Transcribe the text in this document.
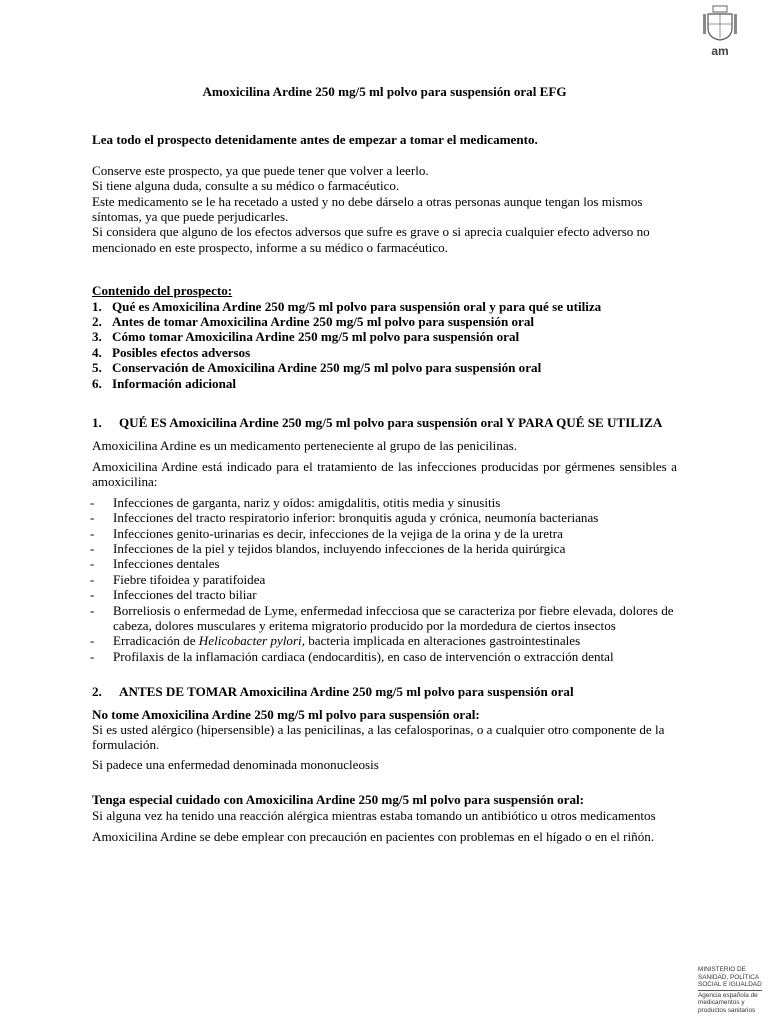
am
MINISTERIO DE
SANIDAD, POLÍTICA
SOCIAL E IGUALDAD
Agencia española de
medicamentos y
productos sanitarios

Amoxicilina Ardine 250 mg/5 ml polvo para suspensión oral EFG

Lea todo el prospecto detenidamente antes de empezar a tomar el medicamento.

Conserve este prospecto, ya que puede tener que volver a leerlo.

Si tiene alguna duda, consulte a su médico o farmacéutico.

Este medicamento se le ha recetado a usted y no debe dárselo a otras personas aunque tengan los mismos síntomas, ya que puede perjudicarles.

Si considera que alguno de los efectos adversos que sufre es grave o si aprecia cualquier efecto adverso no mencionado en este prospecto, informe a su médico o farmacéutico.

Contenido del prospecto:

1. Qué es Amoxicilina Ardine 250 mg/5 ml polvo para suspensión oral y para qué se utiliza
2. Antes de tomar Amoxicilina Ardine 250 mg/5 ml polvo para suspensión oral
3. Cómo tomar Amoxicilina Ardine 250 mg/5 ml polvo para suspensión oral
4. Posibles efectos adversos
5. Conservación de Amoxicilina Ardine 250 mg/5 ml polvo para suspensión oral
6. Información adicional
1.	QUÉ ES Amoxicilina Ardine 250 mg/5 ml polvo para suspensión oral Y PARA QUÉ SE UTILIZA

Amoxicilina Ardine es un medicamento perteneciente al grupo de las penicilinas.

Amoxicilina Ardine está indicado para el tratamiento de las infecciones producidas por gérmenes sensibles a amoxicilina:

-	Infecciones de garganta, nariz y oídos: amigdalitis, otitis media y sinusitis
-	Infecciones del tracto respiratorio inferior: bronquitis aguda y crónica, neumonía bacterianas
-	Infecciones genito-urinarias es decir, infecciones de la vejiga de la orina y de la uretra
-	Infecciones de la piel y tejidos blandos, incluyendo infecciones de la herida quirúrgica
-	Infecciones dentales
-	Fiebre tifoidea y paratifoidea
-	Infecciones del tracto biliar
-	Borreliosis o enfermedad de Lyme, enfermedad infecciosa que se caracteriza por fiebre elevada, dolores de cabeza, dolores musculares y eritema migratorio producido por la mordedura de ciertos insectos
-	Erradicación de Helicobacter pylori, bacteria implicada en alteraciones gastrointestinales
-	Profilaxis de la inflamación cardiaca (endocarditis), en caso de intervención o extracción dental
2.	ANTES DE TOMAR Amoxicilina Ardine 250 mg/5 ml polvo para suspensión oral

No tome Amoxicilina Ardine 250 mg/5 ml polvo para suspensión oral:

Si es usted alérgico (hipersensible) a las penicilinas, a las cefalosporinas, o a cualquier otro componente de la formulación.

Si padece una enfermedad denominada mononucleosis

Tenga especial cuidado con Amoxicilina Ardine 250 mg/5 ml polvo para suspensión oral:

Si alguna vez ha tenido una reacción alérgica mientras estaba tomando un antibiótico u otros medicamentos

Amoxicilina Ardine se debe emplear con precaución en pacientes con problemas en el hígado o en el riñón.
